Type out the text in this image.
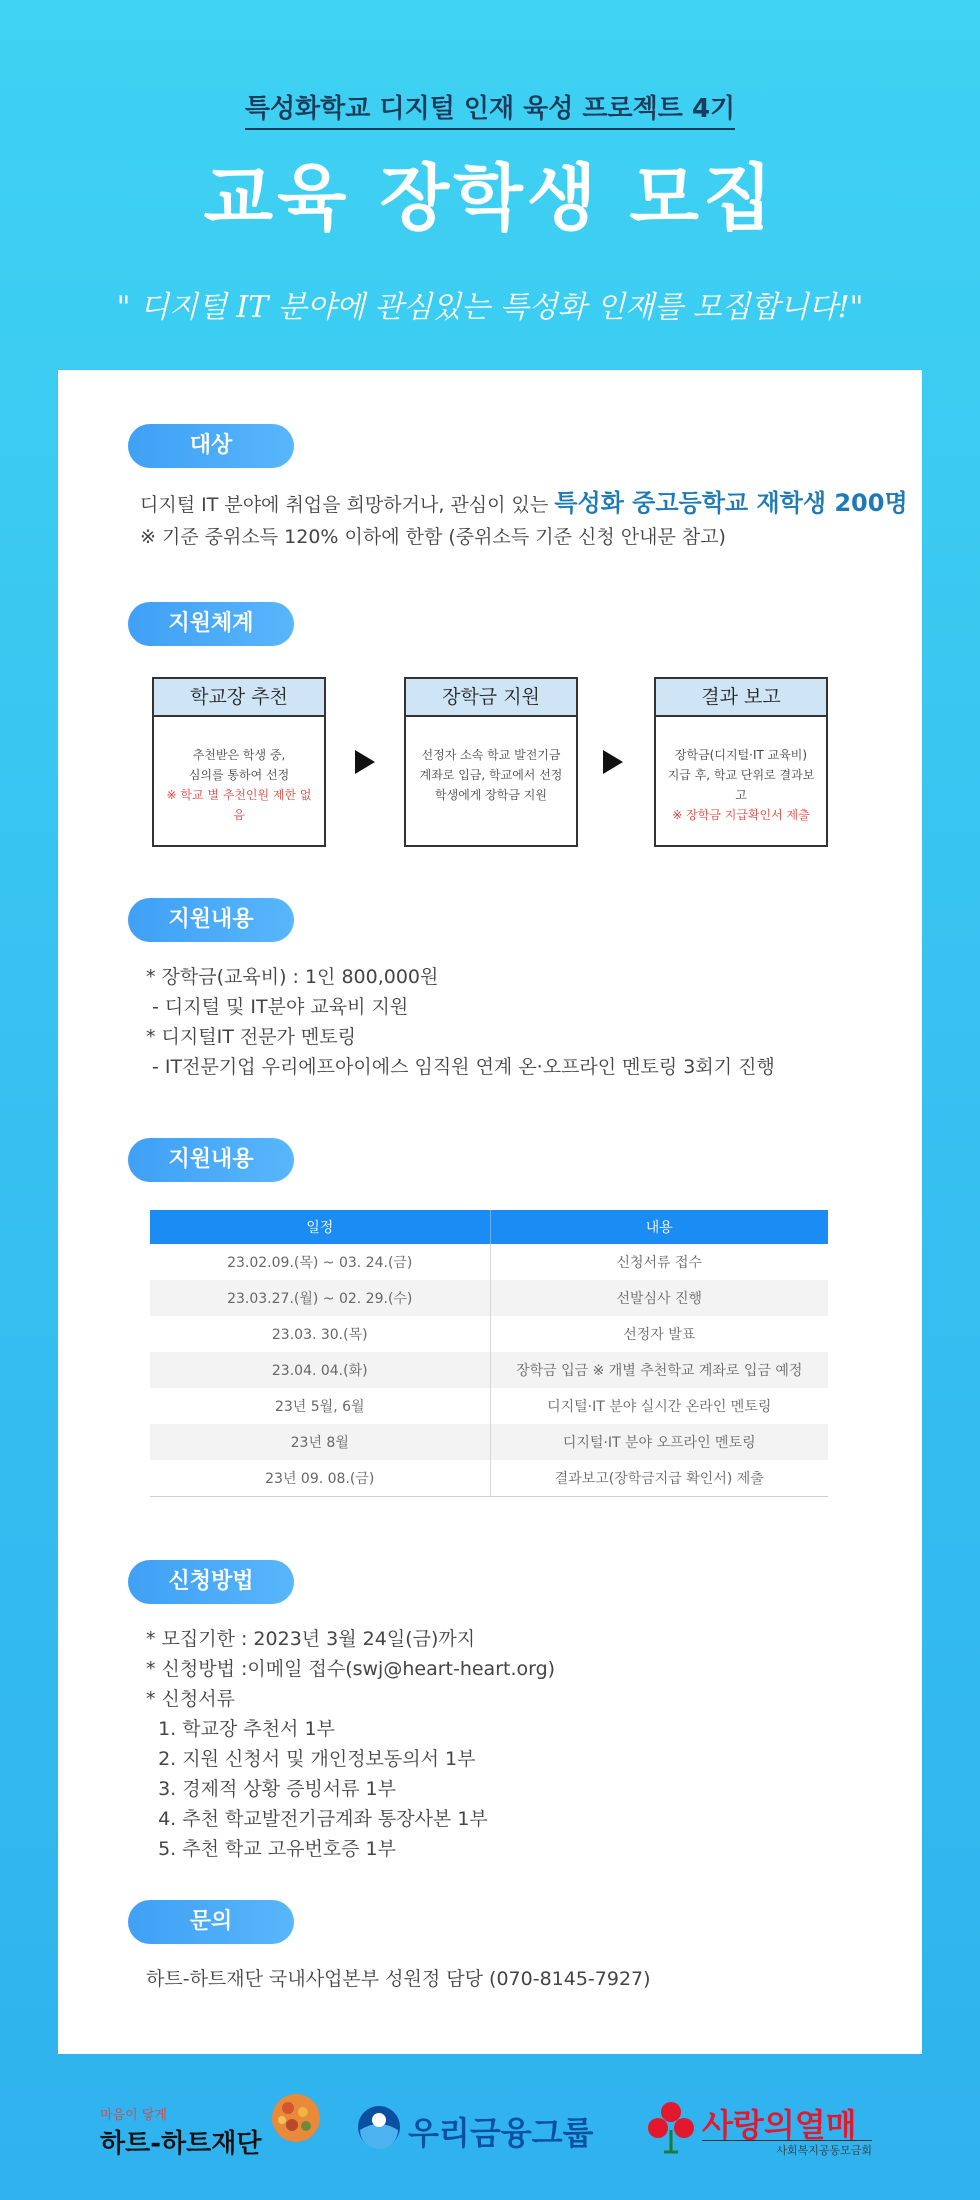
특성화학교 디지털 인재 육성 프로젝트 4기
교육 장학생 모집
" 디지털 IT 분야에 관심있는 특성화 인재를 모집합니다!"
대상
디지털 IT 분야에 취업을 희망하거나, 관심이 있는 특성화 중고등학교 재학생 200명
※ 기준 중위소득 120% 이하에 한함 (중위소득 기준 신청 안내문 참고)
지원체계
학교장 추천
추천받은 학생 중,
심의를 통하여 선정
※ 학교 별 추천인원 제한 없음
장학금 지원
선정자 소속 학교 발전기금
계좌로 입금, 학교에서 선정
학생에게 장학금 지원
결과 보고
장학금(디지털·IT 교육비)
지급 후, 학교 단위로 결과보고
※ 장학금 지급확인서 제출
지원내용
* 장학금(교육비) : 1인 800,000원
- 디지털 및 IT분야 교육비 지원
* 디지털IT 전문가 멘토링
- IT전문기업 우리에프아이에스 임직원 연계 온·오프라인 멘토링 3회기 진행
지원내용
일정	내용
23.02.09.(목) ~ 03. 24.(금)	신청서류 접수
23.03.27.(월) ~ 02. 29.(수)	선발심사 진행
23.03. 30.(목)	선정자 발표
23.04. 04.(화)	장학금 입금 ※ 개별 추천학교 계좌로 입금 예정
23년 5월, 6월	디지털·IT 분야 실시간 온라인 멘토링
23년 8월	디지털·IT 분야 오프라인 멘토링
23년 09. 08.(금)	결과보고(장학금지급 확인서) 제출
신청방법
* 모집기한 : 2023년 3월 24일(금)까지
* 신청방법 :이메일 접수(swj@heart-heart.org)
* 신청서류
1. 학교장 추천서 1부
2. 지원 신청서 및 개인정보동의서 1부
3. 경제적 상황 증빙서류 1부
4. 추천 학교발전기금계좌 통장사본 1부
5. 추천 학교 고유번호증 1부
문의
하트-하트재단 국내사업본부 성원정 담당 (070-8145-7927)
마음이 닿게
하트-하트재단	우리금융그룹	사랑의열매
사회복지공동모금회
